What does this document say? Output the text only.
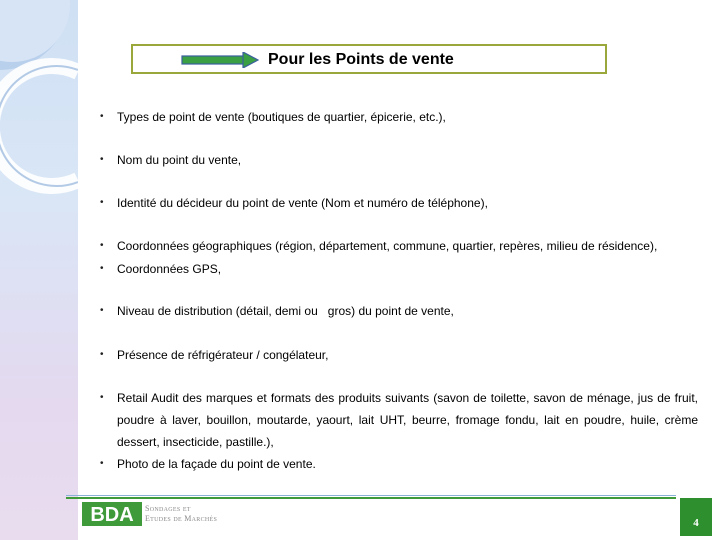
Pour les Points de vente
• Types de point de vente (boutiques de quartier, épicerie, etc.),
• Nom du point du vente,
• Identité du décideur du point de vente (Nom et numéro de téléphone),
• Coordonnées géographiques (région, département, commune, quartier, repères, milieu de résidence),
• Coordonnées GPS,
• Niveau de distribution (détail, demi ou   gros) du point de vente,
• Présence de réfrigérateur / congélateur,
• Retail Audit des marques et formats des produits suivants (savon de toilette, savon de ménage, jus de fruit, poudre à laver, bouillon, moutarde, yaourt, lait UHT, beurre, fromage fondu, lait en poudre, huile, crème dessert, insecticide, pastille.),
• Photo de la façade du point de vente.
BDA Sondages et
Etudes de Marchés	4
